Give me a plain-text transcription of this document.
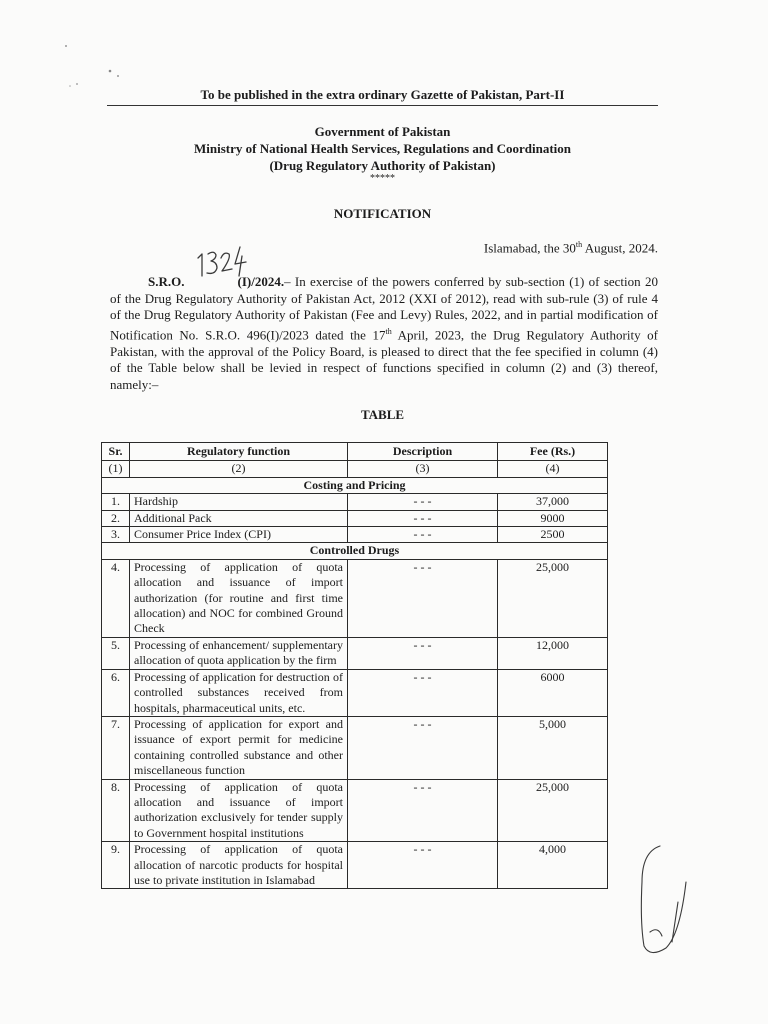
To be published in the extra ordinary Gazette of Pakistan, Part-II
Government of Pakistan
Ministry of National Health Services, Regulations and Coordination
(Drug Regulatory Authority of Pakistan)
*****
NOTIFICATION
Islamabad, the 30th August, 2024.
S.R.O.	(I)/2024.– In exercise of the powers conferred by sub-section (1) of section 20 of the Drug Regulatory Authority of Pakistan Act, 2012 (XXI of 2012), read with sub-rule (3) of rule 4 of the Drug Regulatory Authority of Pakistan (Fee and Levy) Rules, 2022, and in partial modification of Notification No. S.R.O. 496(I)/2023 dated the 17th April, 2023, the Drug Regulatory Authority of Pakistan, with the approval of the Policy Board, is pleased to direct that the fee specified in column (4) of the Table below shall be levied in respect of functions specified in column (2) and (3) thereof, namely:–
TABLE
Sr.	Regulatory function	Description	Fee (Rs.)
(1)	(2)	(3)	(4)
Costing and Pricing			
1.	Hardship	- - -	37,000
2.	Additional Pack	- - -	9000
3.	Consumer Price Index (CPI)	- - -	2500
Controlled Drugs			
4.	Processing of application of quota allocation and issuance of import authorization (for routine and first time allocation) and NOC for combined Ground Check	- - -	25,000
5.	Processing of enhancement/ supplementary allocation of quota application by the firm	- - -	12,000
6.	Processing of application for destruction of controlled substances received from hospitals, pharmaceutical units, etc.	- - -	6000
7.	Processing of application for export and issuance of export permit for medicine containing controlled substance and other miscellaneous function	- - -	5,000
8.	Processing of application of quota allocation and issuance of import authorization exclusively for tender supply to Government hospital institutions	- - -	25,000
9.	Processing of application of quota allocation of narcotic products for hospital use to private institution in Islamabad	- - -	4,000
